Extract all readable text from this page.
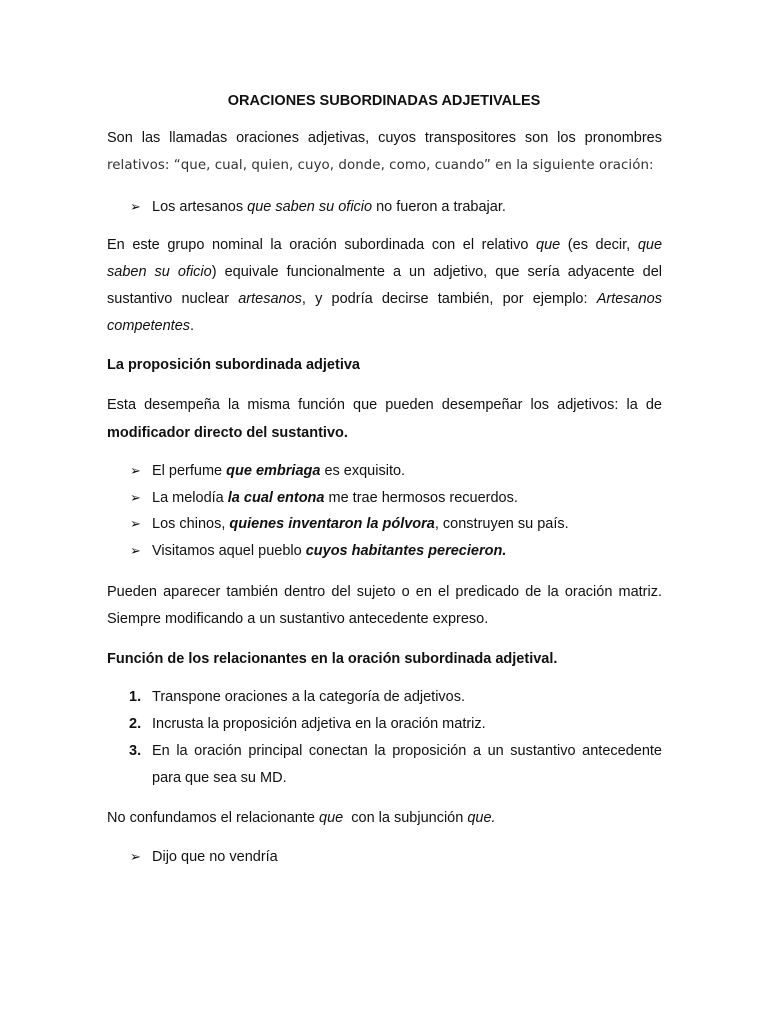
ORACIONES SUBORDINADAS ADJETIVALES
Son las llamadas oraciones adjetivas, cuyos transpositores son los pronombres
relativos: “que, cual, quien, cuyo, donde, como, cuando” en la siguiente oración:
➢ Los artesanos que saben su oficio no fueron a trabajar.
En este grupo nominal la oración subordinada con el relativo que (es decir, que
saben su oficio) equivale funcionalmente a un adjetivo, que sería adyacente del
sustantivo nuclear artesanos, y podría decirse también, por ejemplo: Artesanos
competentes.
La proposición subordinada adjetiva
Esta desempeña la misma función que pueden desempeñar los adjetivos: la de
modificador directo del sustantivo.
➢ El perfume que embriaga es exquisito.
➢ La melodía la cual entona me trae hermosos recuerdos.
➢ Los chinos, quienes inventaron la pólvora, construyen su país.
➢ Visitamos aquel pueblo cuyos habitantes perecieron.
Pueden aparecer también dentro del sujeto o en el predicado de la oración matriz.
Siempre modificando a un sustantivo antecedente expreso.
Función de los relacionantes en la oración subordinada adjetival.
1. Transpone oraciones a la categoría de adjetivos.
2. Incrusta la proposición adjetiva en la oración matriz.
3. En la oración principal conectan la proposición a un sustantivo antecedente
para que sea su MD.
No confundamos el relacionante que  con la subjunción que.
➢ Dijo que no vendría
